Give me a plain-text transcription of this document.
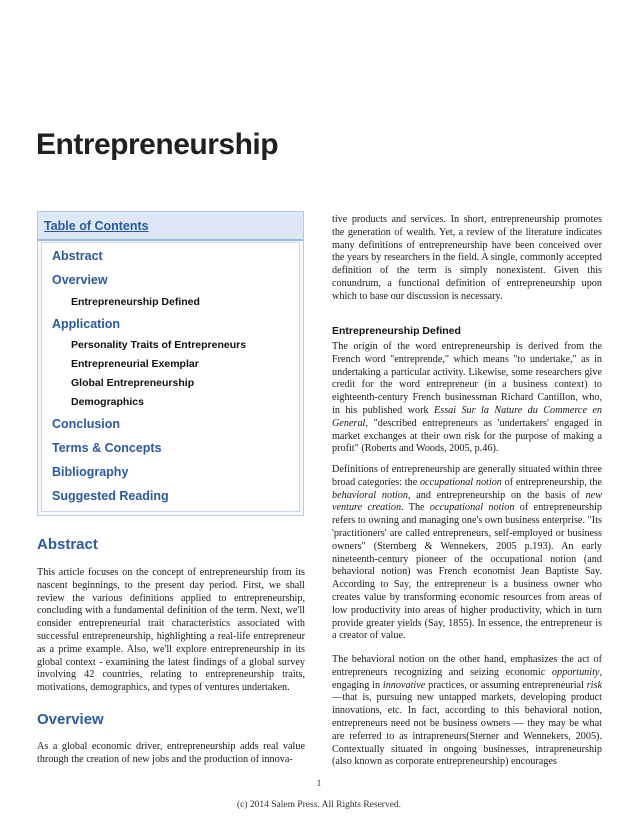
Entrepreneurship
Table of Contents
Abstract
Overview
Entrepreneurship Defined
Application
Personality Traits of Entrepreneurs
Entrepreneurial Exemplar
Global Entrepreneurship
Demographics
Conclusion
Terms & Concepts
Bibliography
Suggested Reading
Abstract

This article focuses on the concept of entrepreneurship from its nascent beginnings, to the present day period. First, we shall review the various definitions applied to entrepreneurship, concluding with a fundamental definition of the term. Next, we'll consider entrepreneurial trait characteristics associated with successful entrepreneurship, highlighting a real-life entrepreneur as a prime example. Also, we'll explore entrepreneurship in its global context - examining the latest findings of a global survey involving 42 countries, relating to entrepreneurship traits, motivations, demographics, and types of ventures undertaken.

Overview

As a global economic driver, entrepreneurship adds real value through the creation of new jobs and the production of innova-

tive products and services. In short, entrepreneurship promotes the generation of wealth. Yet, a review of the literature indicates many definitions of entrepreneurship have been conceived over the years by researchers in the field. A single, commonly accepted definition of the term is simply nonexistent. Given this conundrum, a functional definition of entrepreneurship upon which to base our discussion is necessary.

Entrepreneurship Defined

The origin of the word entrepreneurship is derived from the French word "entreprende," which means "to undertake," as in undertaking a particular activity. Likewise, some researchers give credit for the word entrepreneur (in a business context) to eighteenth-century French businessman Richard Cantillon, who, in his published work Essai Sur la Nature du Commerce en General, "described entrepreneurs as 'undertakers' engaged in market exchanges at their own risk for the purpose of making a profit" (Roberts and Woods, 2005, p.46).

Definitions of entrepreneurship are generally situated within three broad categories: the occupational notion of entrepreneurship, the behavioral notion, and entrepreneurship on the basis of new venture creation. The occupational notion of entrepreneurship refers to owning and managing one's own business enterprise. "Its 'practitioners' are called entrepreneurs, self-employed or business owners" (Sternberg & Wennekers, 2005 p.193). An early nineteenth-century pioneer of the occupational notion (and behavioral notion) was French economist Jean Baptiste Say. According to Say, the entrepreneur is a business owner who creates value by transforming economic resources from areas of low productivity into areas of higher productivity, which in turn provide greater yields (Say, 1855). In essence, the entrepreneur is a creator of value.

The behavioral notion on the other hand, emphasizes the act of entrepreneurs recognizing and seizing economic opportunity, engaging in innovative practices, or assuming entrepreneurial risk —that is, pursuing new untapped markets, developing product innovations, etc. In fact, according to this behavioral notion, entrepreneurs need not be business owners — they may be what are referred to as intrapreneurs(Sterner and Wennekers, 2005). Contextually situated in ongoing businesses, intrapreneurship (also known as corporate entrepreneurship) encourages

1
(c) 2014 Salem Press. All Rights Reserved.
